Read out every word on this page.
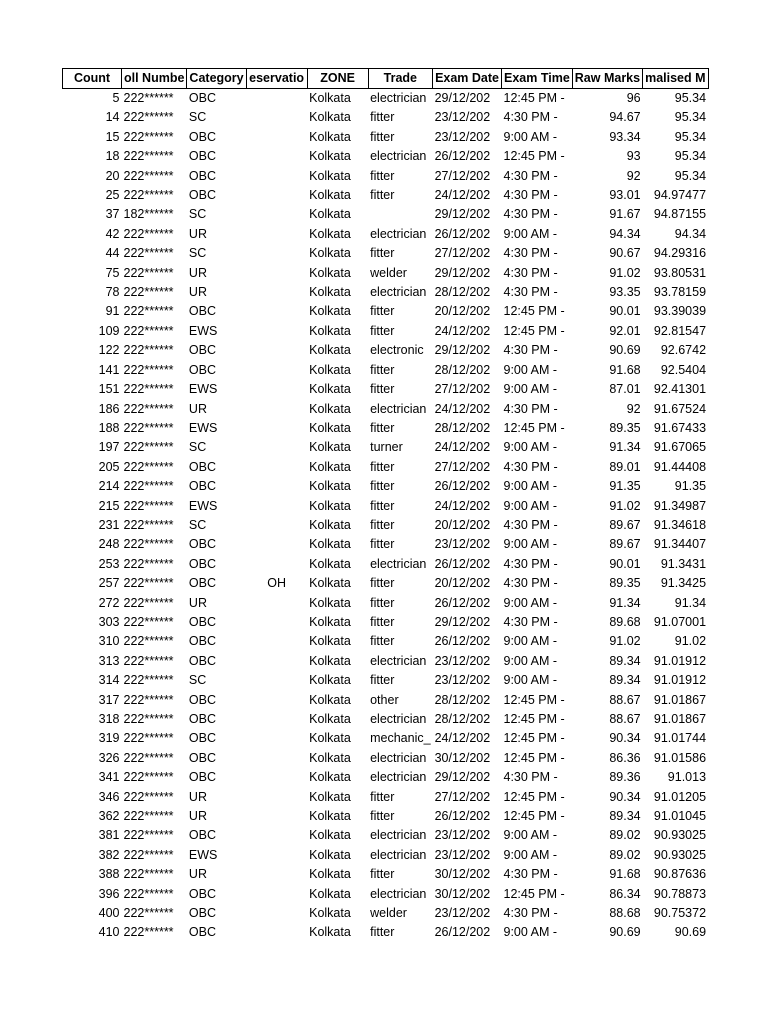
Count	oll Numbe	Category	eservatio	ZONE	Trade	Exam Date	Exam Time	Raw Marks	malised M
5	222******	OBC		Kolkata	electrician	29/12/202	12:45 PM -	96	95.34
14	222******	SC		Kolkata	fitter	23/12/202	4:30 PM -	94.67	95.34
15	222******	OBC		Kolkata	fitter	23/12/202	9:00 AM -	93.34	95.34
18	222******	OBC		Kolkata	electrician	26/12/202	12:45 PM -	93	95.34
20	222******	OBC		Kolkata	fitter	27/12/202	4:30 PM -	92	95.34
25	222******	OBC		Kolkata	fitter	24/12/202	4:30 PM -	93.01	94.97477
37	182******	SC		Kolkata		29/12/202	4:30 PM -	91.67	94.87155
42	222******	UR		Kolkata	electrician	26/12/202	9:00 AM -	94.34	94.34
44	222******	SC		Kolkata	fitter	27/12/202	4:30 PM -	90.67	94.29316
75	222******	UR		Kolkata	welder	29/12/202	4:30 PM -	91.02	93.80531
78	222******	UR		Kolkata	electrician	28/12/202	4:30 PM -	93.35	93.78159
91	222******	OBC		Kolkata	fitter	20/12/202	12:45 PM -	90.01	93.39039
109	222******	EWS		Kolkata	fitter	24/12/202	12:45 PM -	92.01	92.81547
122	222******	OBC		Kolkata	electronic	29/12/202	4:30 PM -	90.69	92.6742
141	222******	OBC		Kolkata	fitter	28/12/202	9:00 AM -	91.68	92.5404
151	222******	EWS		Kolkata	fitter	27/12/202	9:00 AM -	87.01	92.41301
186	222******	UR		Kolkata	electrician	24/12/202	4:30 PM -	92	91.67524
188	222******	EWS		Kolkata	fitter	28/12/202	12:45 PM -	89.35	91.67433
197	222******	SC		Kolkata	turner	24/12/202	9:00 AM -	91.34	91.67065
205	222******	OBC		Kolkata	fitter	27/12/202	4:30 PM -	89.01	91.44408
214	222******	OBC		Kolkata	fitter	26/12/202	9:00 AM -	91.35	91.35
215	222******	EWS		Kolkata	fitter	24/12/202	9:00 AM -	91.02	91.34987
231	222******	SC		Kolkata	fitter	20/12/202	4:30 PM -	89.67	91.34618
248	222******	OBC		Kolkata	fitter	23/12/202	9:00 AM -	89.67	91.34407
253	222******	OBC		Kolkata	electrician	26/12/202	4:30 PM -	90.01	91.3431
257	222******	OBC	OH	Kolkata	fitter	20/12/202	4:30 PM -	89.35	91.3425
272	222******	UR		Kolkata	fitter	26/12/202	9:00 AM -	91.34	91.34
303	222******	OBC		Kolkata	fitter	29/12/202	4:30 PM -	89.68	91.07001
310	222******	OBC		Kolkata	fitter	26/12/202	9:00 AM -	91.02	91.02
313	222******	OBC		Kolkata	electrician	23/12/202	9:00 AM -	89.34	91.01912
314	222******	SC		Kolkata	fitter	23/12/202	9:00 AM -	89.34	91.01912
317	222******	OBC		Kolkata	other	28/12/202	12:45 PM -	88.67	91.01867
318	222******	OBC		Kolkata	electrician	28/12/202	12:45 PM -	88.67	91.01867
319	222******	OBC		Kolkata	mechanic_	24/12/202	12:45 PM -	90.34	91.01744
326	222******	OBC		Kolkata	electrician	30/12/202	12:45 PM -	86.36	91.01586
341	222******	OBC		Kolkata	electrician	29/12/202	4:30 PM -	89.36	91.013
346	222******	UR		Kolkata	fitter	27/12/202	12:45 PM -	90.34	91.01205
362	222******	UR		Kolkata	fitter	26/12/202	12:45 PM -	89.34	91.01045
381	222******	OBC		Kolkata	electrician	23/12/202	9:00 AM -	89.02	90.93025
382	222******	EWS		Kolkata	electrician	23/12/202	9:00 AM -	89.02	90.93025
388	222******	UR		Kolkata	fitter	30/12/202	4:30 PM -	91.68	90.87636
396	222******	OBC		Kolkata	electrician	30/12/202	12:45 PM -	86.34	90.78873
400	222******	OBC		Kolkata	welder	23/12/202	4:30 PM -	88.68	90.75372
410	222******	OBC		Kolkata	fitter	26/12/202	9:00 AM -	90.69	90.69
